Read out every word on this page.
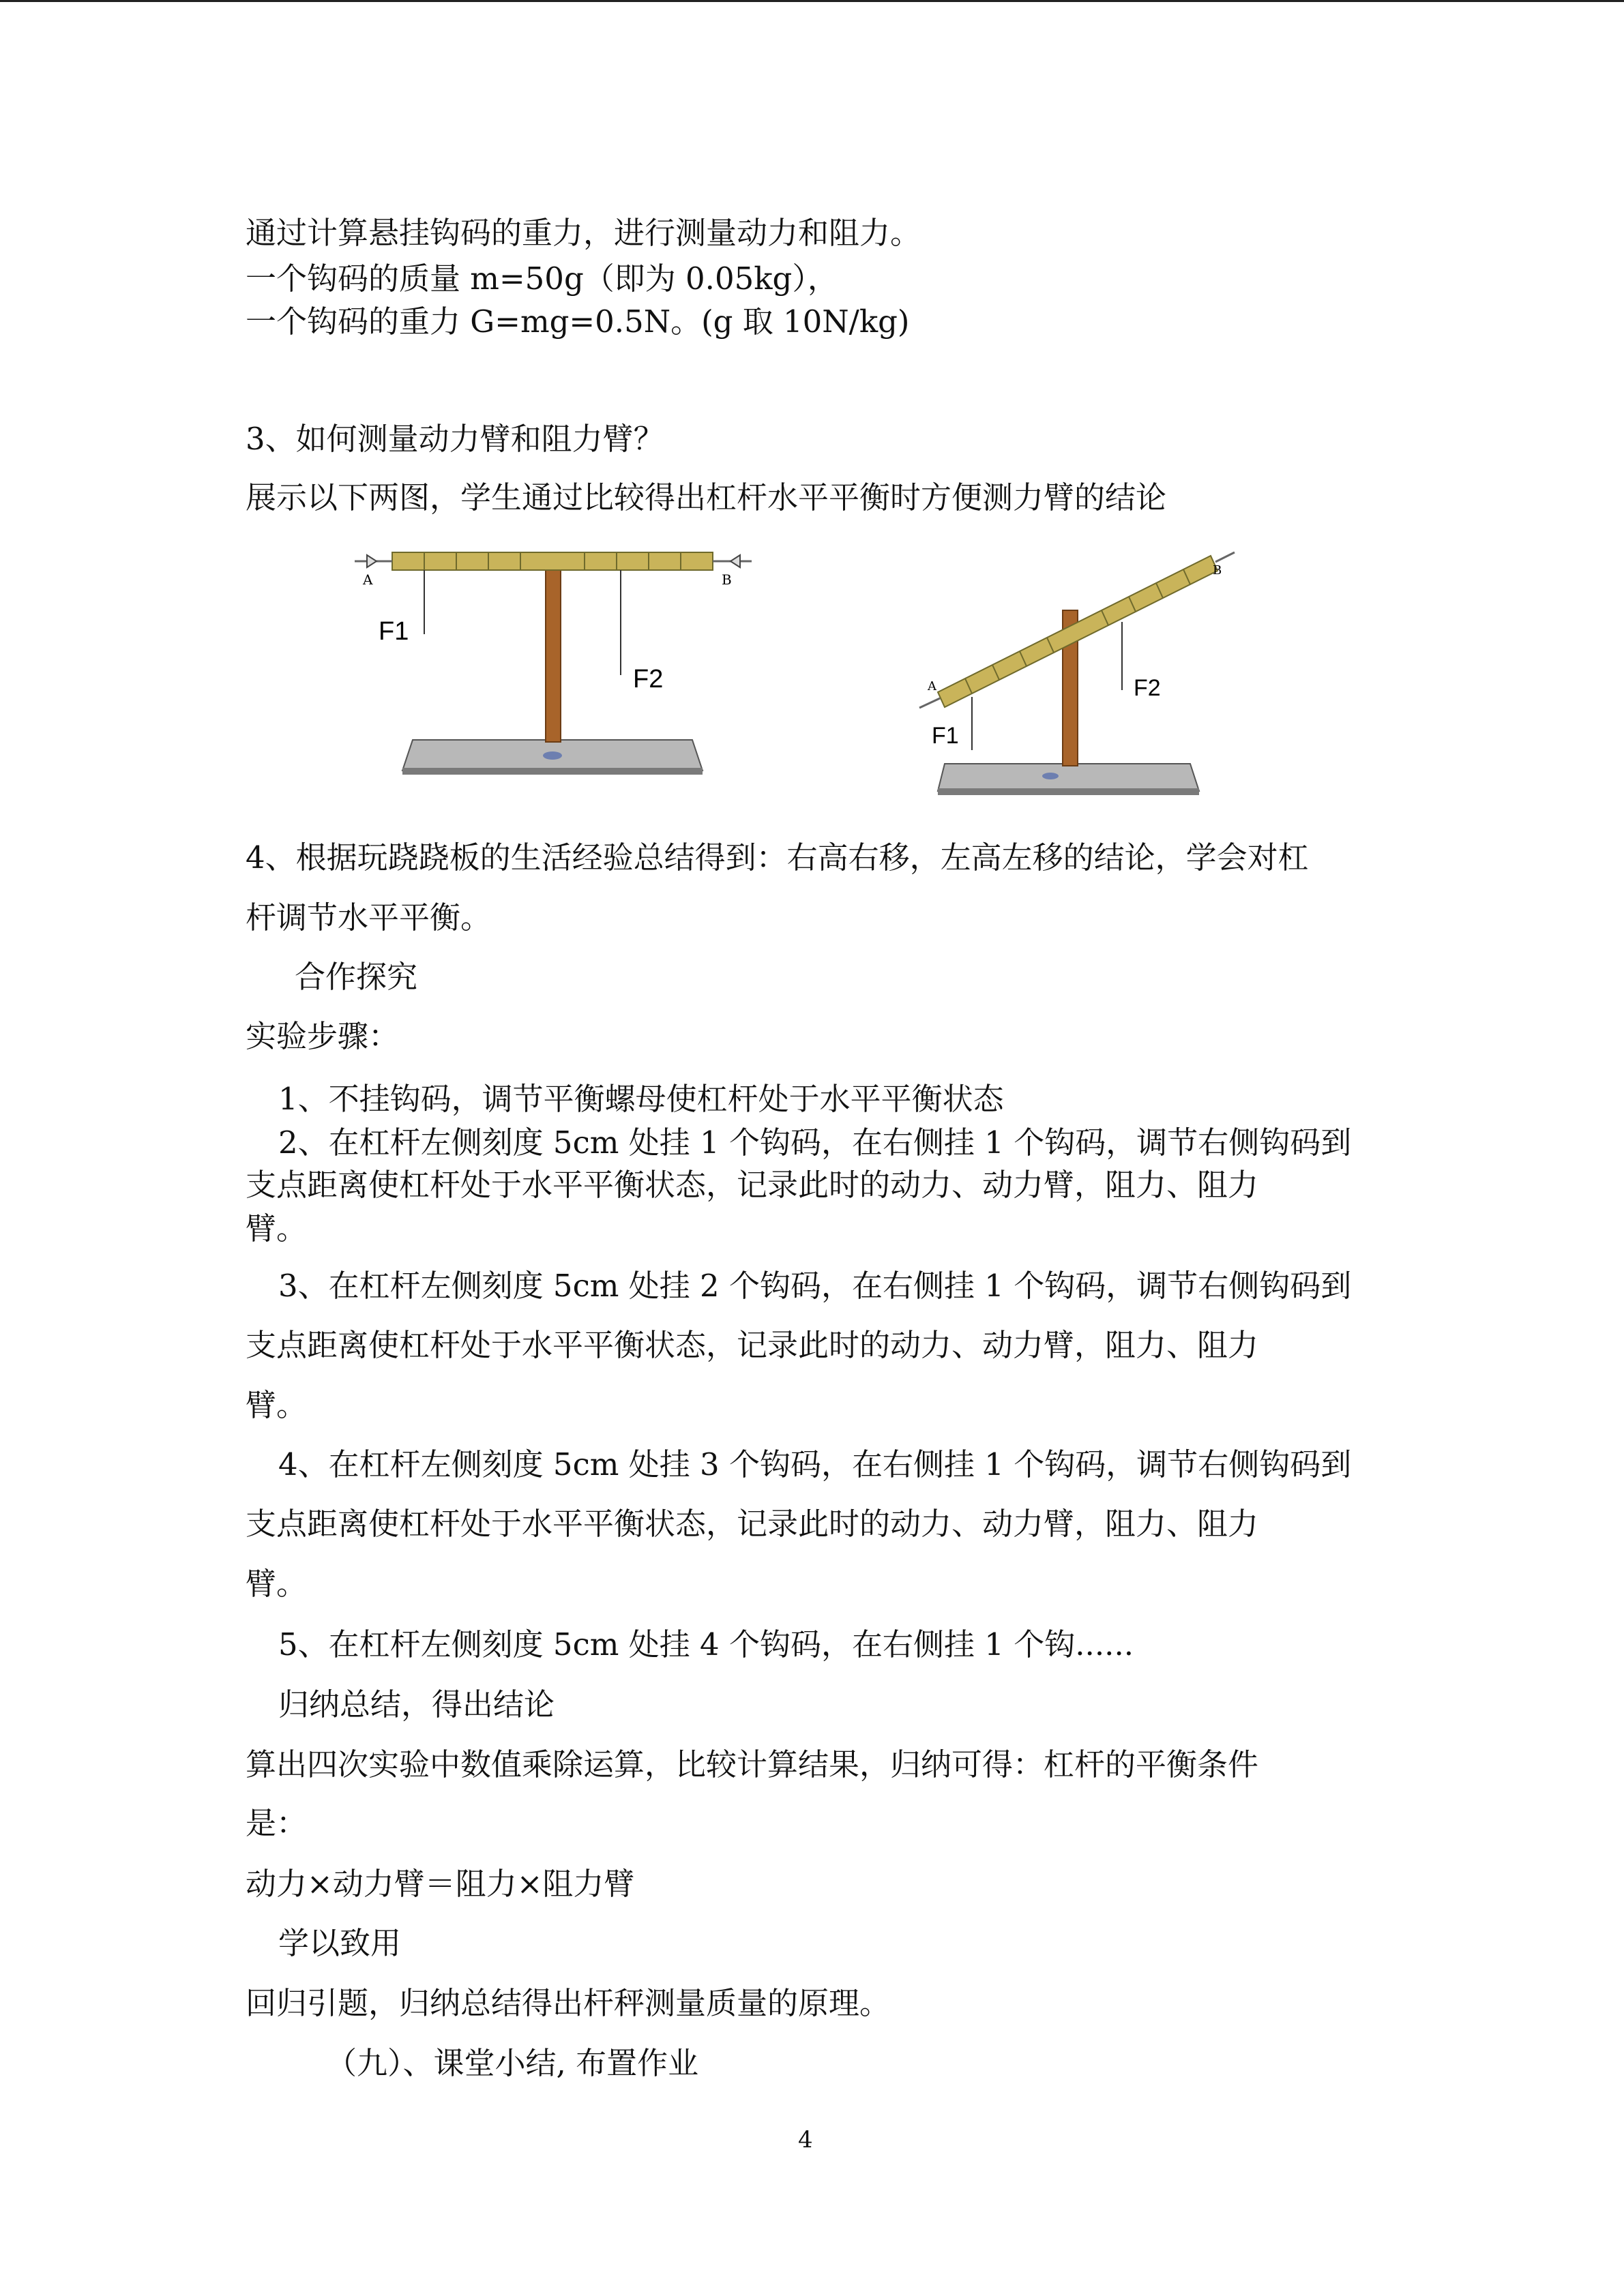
通过计算悬挂钩码的重力，进行测量动力和阻力。
一个钩码的质量 m=50g（即为 0.05kg），
一个钩码的重力 G=mg=0.5N。(g 取 10N/kg)
3、如何测量动力臂和阻力臂？
展示以下两图，学生通过比较得出杠杆水平平衡时方便测力臂的结论
A	B
F1
F2	A
B
F1
F2
4、根据玩跷跷板的生活经验总结得到：右高右移，左高左移的结论，学会对杠
杆调节水平平衡。
合作探究
实验步骤：
1、不挂钩码，调节平衡螺母使杠杆处于水平平衡状态
2、在杠杆左侧刻度 5cm 处挂 1 个钩码，在右侧挂 1 个钩码，调节右侧钩码到
支点距离使杠杆处于水平平衡状态，记录此时的动力、动力臂，阻力、阻力
臂。
3、在杠杆左侧刻度 5cm 处挂 2 个钩码，在右侧挂 1 个钩码，调节右侧钩码到
支点距离使杠杆处于水平平衡状态，记录此时的动力、动力臂，阻力、阻力
臂。
4、在杠杆左侧刻度 5cm 处挂 3 个钩码，在右侧挂 1 个钩码，调节右侧钩码到
支点距离使杠杆处于水平平衡状态，记录此时的动力、动力臂，阻力、阻力
臂。
5、在杠杆左侧刻度 5cm 处挂 4 个钩码，在右侧挂 1 个钩......
归纳总结，得出结论
算出四次实验中数值乘除运算，比较计算结果，归纳可得：杠杆的平衡条件
是：
动力×动力臂＝阻力×阻力臂
学以致用
回归引题，归纳总结得出杆秤测量质量的原理。
（九）、课堂小结, 布置作业
4
